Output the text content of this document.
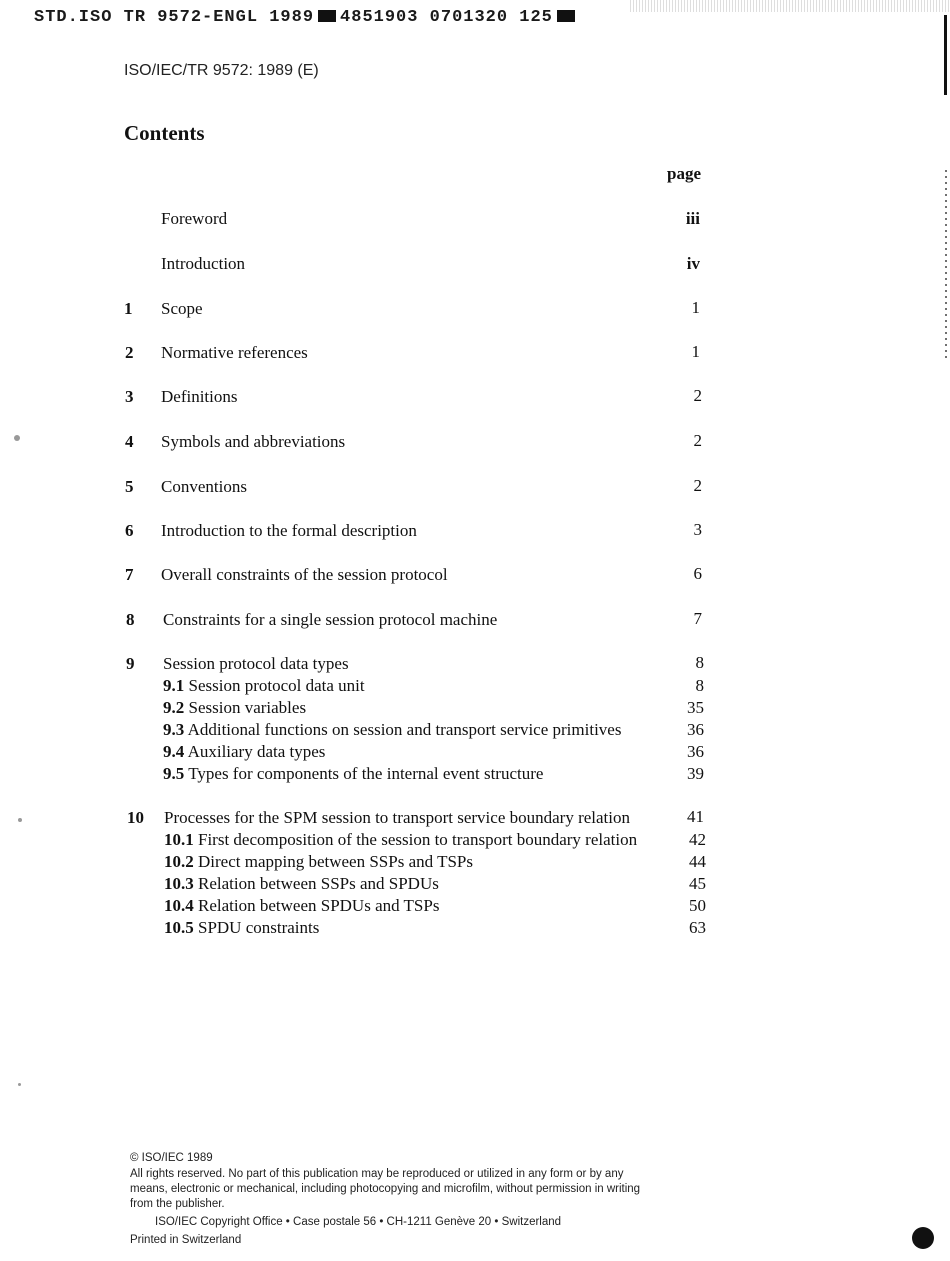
STD.ISO TR 9572-ENGL 1989 4851903 0701320 125
ISO/IEC/TR 9572: 1989 (E)
Contents
page
Foreword	iii
Introduction	iv
1 Scope	1
2 Normative references	1
3 Definitions	2
4 Symbols and abbreviations	2
5 Conventions	2
6 Introduction to the formal description	3
7 Overall constraints of the session protocol	6
8 Constraints for a single session protocol machine	7
9 Session protocol data types	8
9.1 Session protocol data unit	8
9.2 Session variables	35
9.3 Additional functions on session and transport service primitives	36
9.4 Auxiliary data types	36
9.5 Types for components of the internal event structure	39
10 Processes for the SPM session to transport service boundary relation	41
10.1 First decomposition of the session to transport boundary relation	42
10.2 Direct mapping between SSPs and TSPs	44
10.3 Relation between SSPs and SPDUs	45
10.4 Relation between SPDUs and TSPs	50
10.5 SPDU constraints	63
© ISO/IEC 1989
All rights reserved. No part of this publication may be reproduced or utilized in any form or by any means, electronic or mechanical, including photocopying and microfilm, without permission in writing from the publisher.
ISO/IEC Copyright Office • Case postale 56 • CH-1211 Genève 20 • Switzerland
Printed in Switzerland
